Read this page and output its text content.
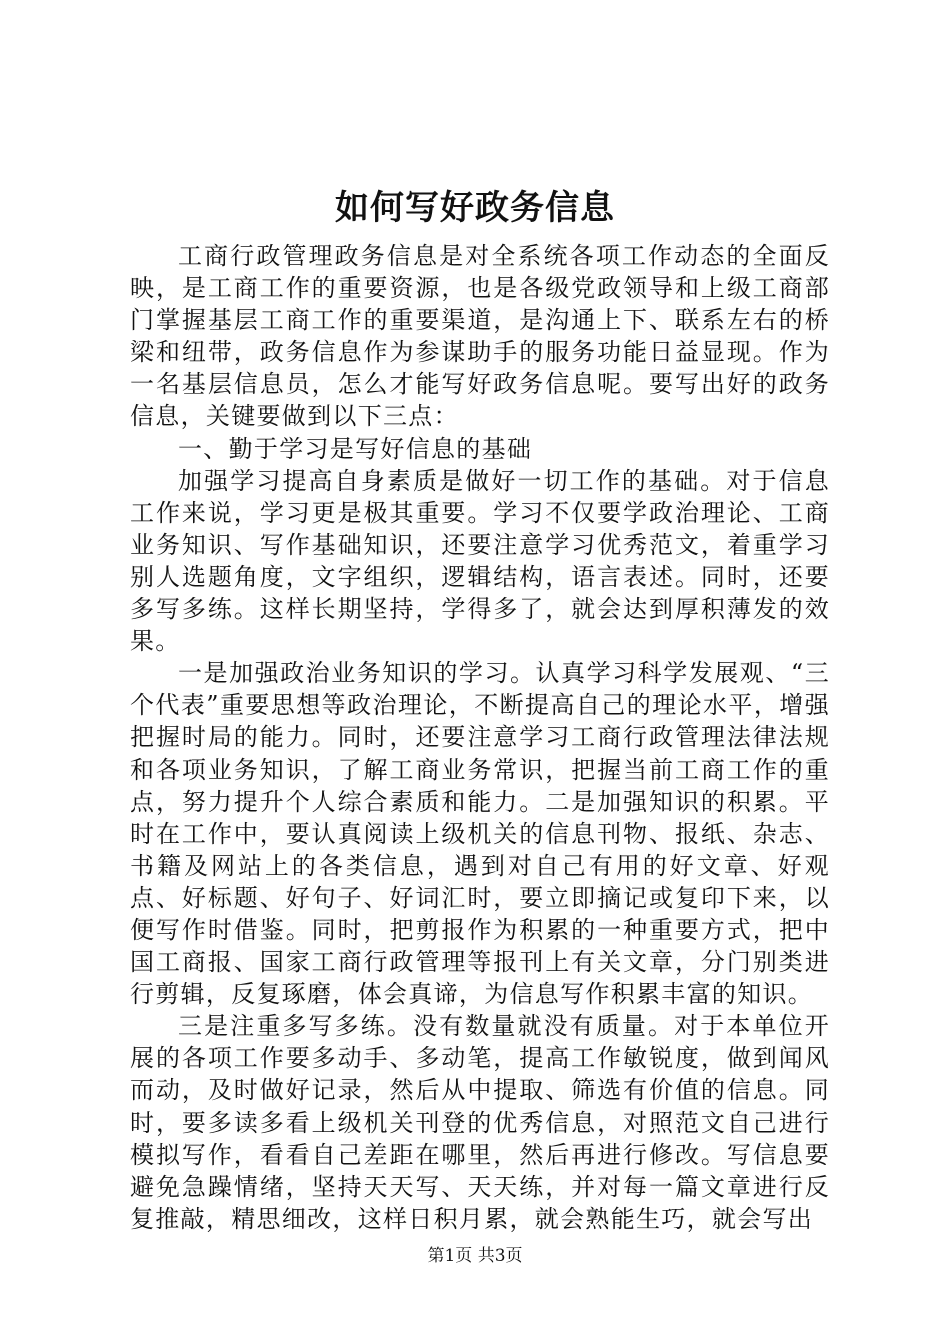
如何写好政务信息

工商行政管理政务信息是对全系统各项工作动态的全面反映，是工商工作的重要资源，也是各级党政领导和上级工商部门掌握基层工商工作的重要渠道，是沟通上下、联系左右的桥梁和纽带，政务信息作为参谋助手的服务功能日益显现。作为一名基层信息员，怎么才能写好政务信息呢。要写出好的政务信息，关键要做到以下三点：

一、勤于学习是写好信息的基础

加强学习提高自身素质是做好一切工作的基础。对于信息工作来说，学习更是极其重要。学习不仅要学政治理论、工商业务知识、写作基础知识，还要注意学习优秀范文，着重学习别人选题角度，文字组织，逻辑结构，语言表述。同时，还要多写多练。这样长期坚持，学得多了，就会达到厚积薄发的效果。

一是加强政治业务知识的学习。认真学习科学发展观、“三个代表”重要思想等政治理论，不断提高自己的理论水平，增强把握时局的能力。同时，还要注意学习工商行政管理法律法规和各项业务知识，了解工商业务常识，把握当前工商工作的重点，努力提升个人综合素质和能力。二是加强知识的积累。平时在工作中，要认真阅读上级机关的信息刊物、报纸、杂志、书籍及网站上的各类信息，遇到对自己有用的好文章、好观点、好标题、好句子、好词汇时，要立即摘记或复印下来，以便写作时借鉴。同时，把剪报作为积累的一种重要方式，把中国工商报、国家工商行政管理等报刊上有关文章，分门别类进行剪辑，反复琢磨，体会真谛，为信息写作积累丰富的知识。

三是注重多写多练。没有数量就没有质量。对于本单位开展的各项工作要多动手、多动笔，提高工作敏锐度，做到闻风而动，及时做好记录，然后从中提取、筛选有价值的信息。同时，要多读多看上级机关刊登的优秀信息，对照范文自己进行模拟写作，看看自己差距在哪里，然后再进行修改。写信息要避免急躁情绪，坚持天天写、天天练，并对每一篇文章进行反复推敲，精思细改，这样日积月累，就会熟能生巧，就会写出

第1页 共3页
